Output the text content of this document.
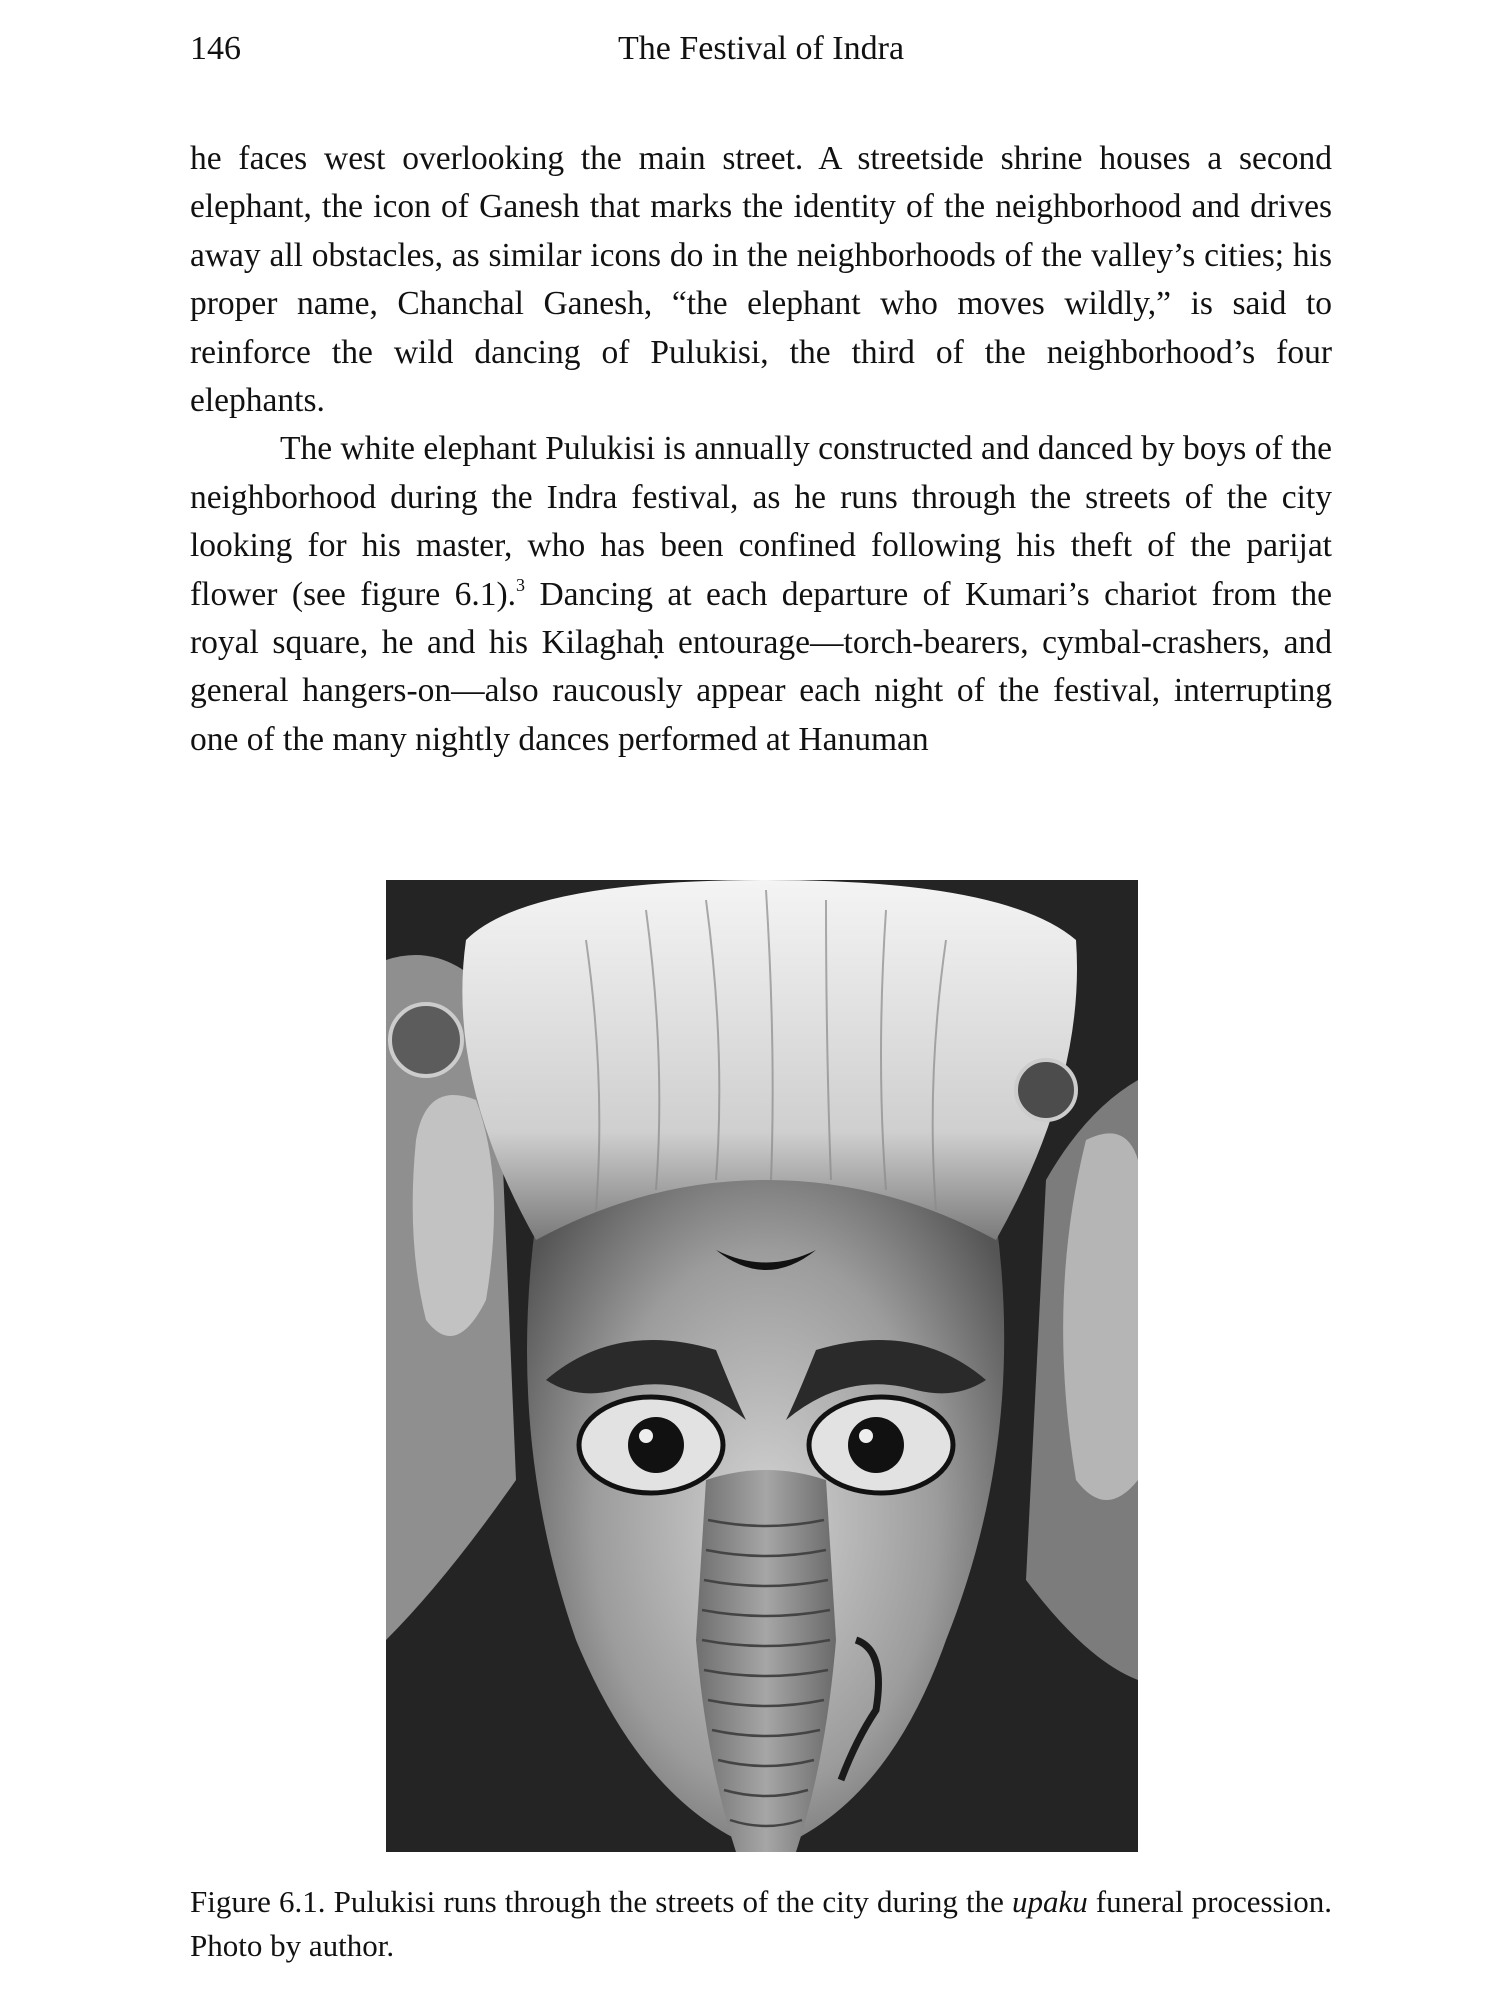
146	The Festival of Indra

he faces west overlooking the main street. A streetside shrine houses a second elephant, the icon of Ganesh that marks the identity of the neighborhood and drives away all obstacles, as similar icons do in the neighborhoods of the valley’s cities; his proper name, Chanchal Ganesh, “the elephant who moves wildly,” is said to reinforce the wild dancing of Pulukisi, the third of the neighborhood’s four elephants.

The white elephant Pulukisi is annually constructed and danced by boys of the neighborhood during the Indra festival, as he runs through the streets of the city looking for his master, who has been confined following his theft of the parijat flower (see figure 6.1).$^3$ Dancing at each departure of Kumari’s chariot from the royal square, he and his Kilaghaḥ entourage—torch-bearers, cymbal-crashers, and general hangers-on—also raucously appear each night of the festival, interrupting one of the many nightly dances performed at Hanuman

Figure 6.1. Pulukisi runs through the streets of the city during the upaku funeral procession. Photo by author.
